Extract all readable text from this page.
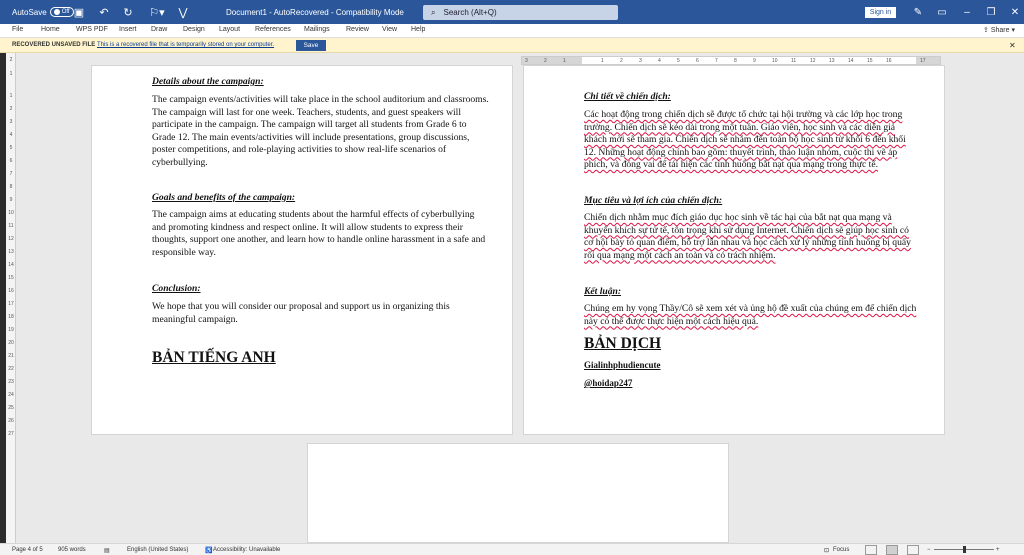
AutoSave	Off ▣ ↶ ↻ ⚐▾ ⋁	Document1 - AutoRecovered - Compatibility Mode	⌕ Search (Alt+Q)	Sign in	✎	▭	–	❐	✕
File	Home WPS PDF Insert Draw Design Layout References Mailings Review View Help	⇪ Share ▾
RECOVERED UNSAVED FILE This is a recovered file that is temporarily stored on your computer.	Save	✕
2
1
1
2
3
4
5
6
7
8
9
10
11
12
13
14
15
16
17
18
19
20
21
22
23
24
25
26
27
3	2	1	1	2	3	4	5	6	7	8	9	10	11	12	13	14	15	16	17
Details about the campaign:
The campaign events/activities will take place in the school auditorium and classrooms. The campaign will last for one week. Teachers, students, and guest speakers will participate in the campaign. The campaign will target all students from Grade 6 to Grade 12. The main events/activities will include presentations, group discussions, poster competitions, and role-playing activities to show real-life scenarios of cyberbullying.
Goals and benefits of the campaign:
The campaign aims at educating students about the harmful effects of cyberbullying and promoting kindness and respect online. It will allow students to express their thoughts, support one another, and learn how to handle online harassment in a safe and responsible way.
Conclusion:
We hope that you will consider our proposal and support us in organizing this meaningful campaign.
BẢN TIẾNG ANH
Chi tiết về chiến dịch:
Các hoạt động trong chiến dịch sẽ được tổ chức tại hội trường và các lớp học trong trường. Chiến dịch sẽ kéo dài trong một tuần. Giáo viên, học sinh và các diễn giả khách mời sẽ tham gia. Chiến dịch sẽ nhắm đến toàn bộ học sinh từ khối 6 đến khối 12. Những hoạt động chính bao gồm: thuyết trình, thảo luận nhóm, cuộc thi vẽ áp phích, và đóng vai để tái hiện các tình huống bắt nạt qua mạng trong thực tế.
Mục tiêu và lợi ích của chiến dịch:
Chiến dịch nhằm mục đích giáo dục học sinh về tác hại của bắt nạt qua mạng và khuyến khích sự tử tế, tôn trọng khi sử dụng Internet. Chiến dịch sẽ giúp học sinh có cơ hội bày tỏ quan điểm, hỗ trợ lẫn nhau và học cách xử lý những tình huống bị quấy rối qua mạng một cách an toàn và có trách nhiệm.
Kết luận:
Chúng em hy vọng Thầy/Cô sẽ xem xét và ủng hộ đề xuất của chúng em để chiến dịch này có thể được thực hiện một cách hiệu quả.
BẢN DỊCH
Gialinhphudiencute
@hoidap247
Page 4 of 5	905 words	▤	English (United States)	♿ Accessibility: Unavailable	⊡ Focus	−	+
